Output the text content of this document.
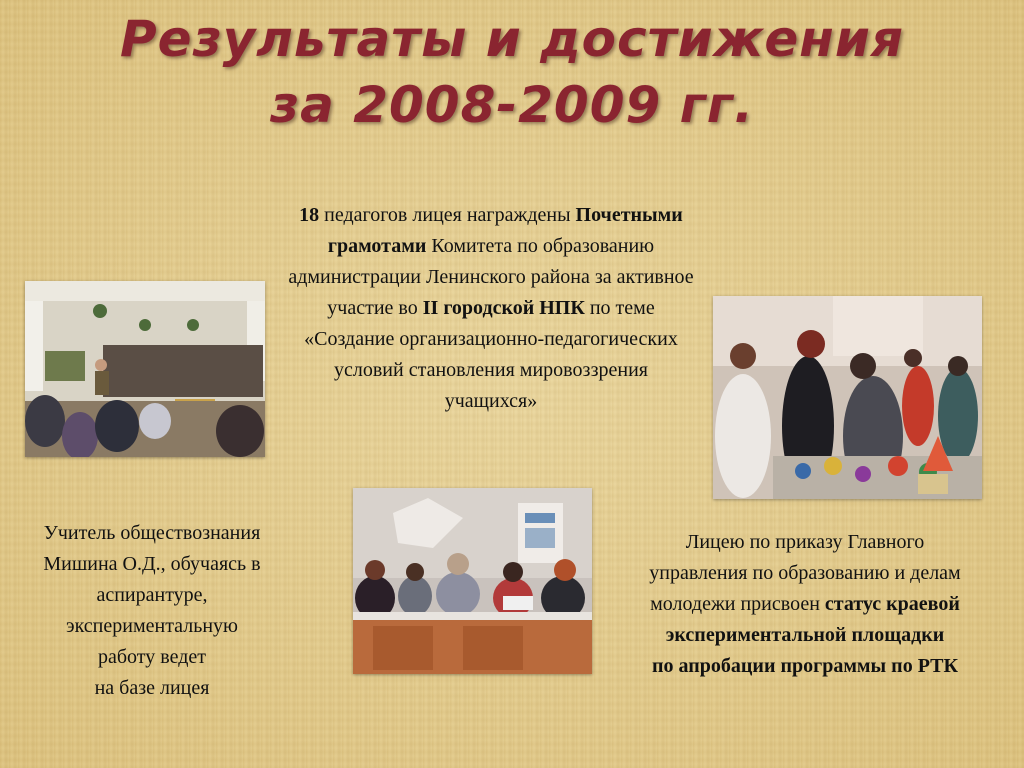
Результаты и достижения
за 2008-2009 гг.
18 педагогов лицея награждены Почетными грамотами Комитета по образованию администрации Ленинского района за активное участие во II городской НПК по теме «Создание организационно-педагогических условий становления мировоззрения учащихся»
Учитель обществознания
Мишина О.Д., обучаясь в
аспирантуре,
экспериментальную
работу ведет
на базе лицея
Лицею по приказу Главного
управления по образованию и делам
молодежи присвоен статус краевой
экспериментальной площадки
по апробации программы по РТК
